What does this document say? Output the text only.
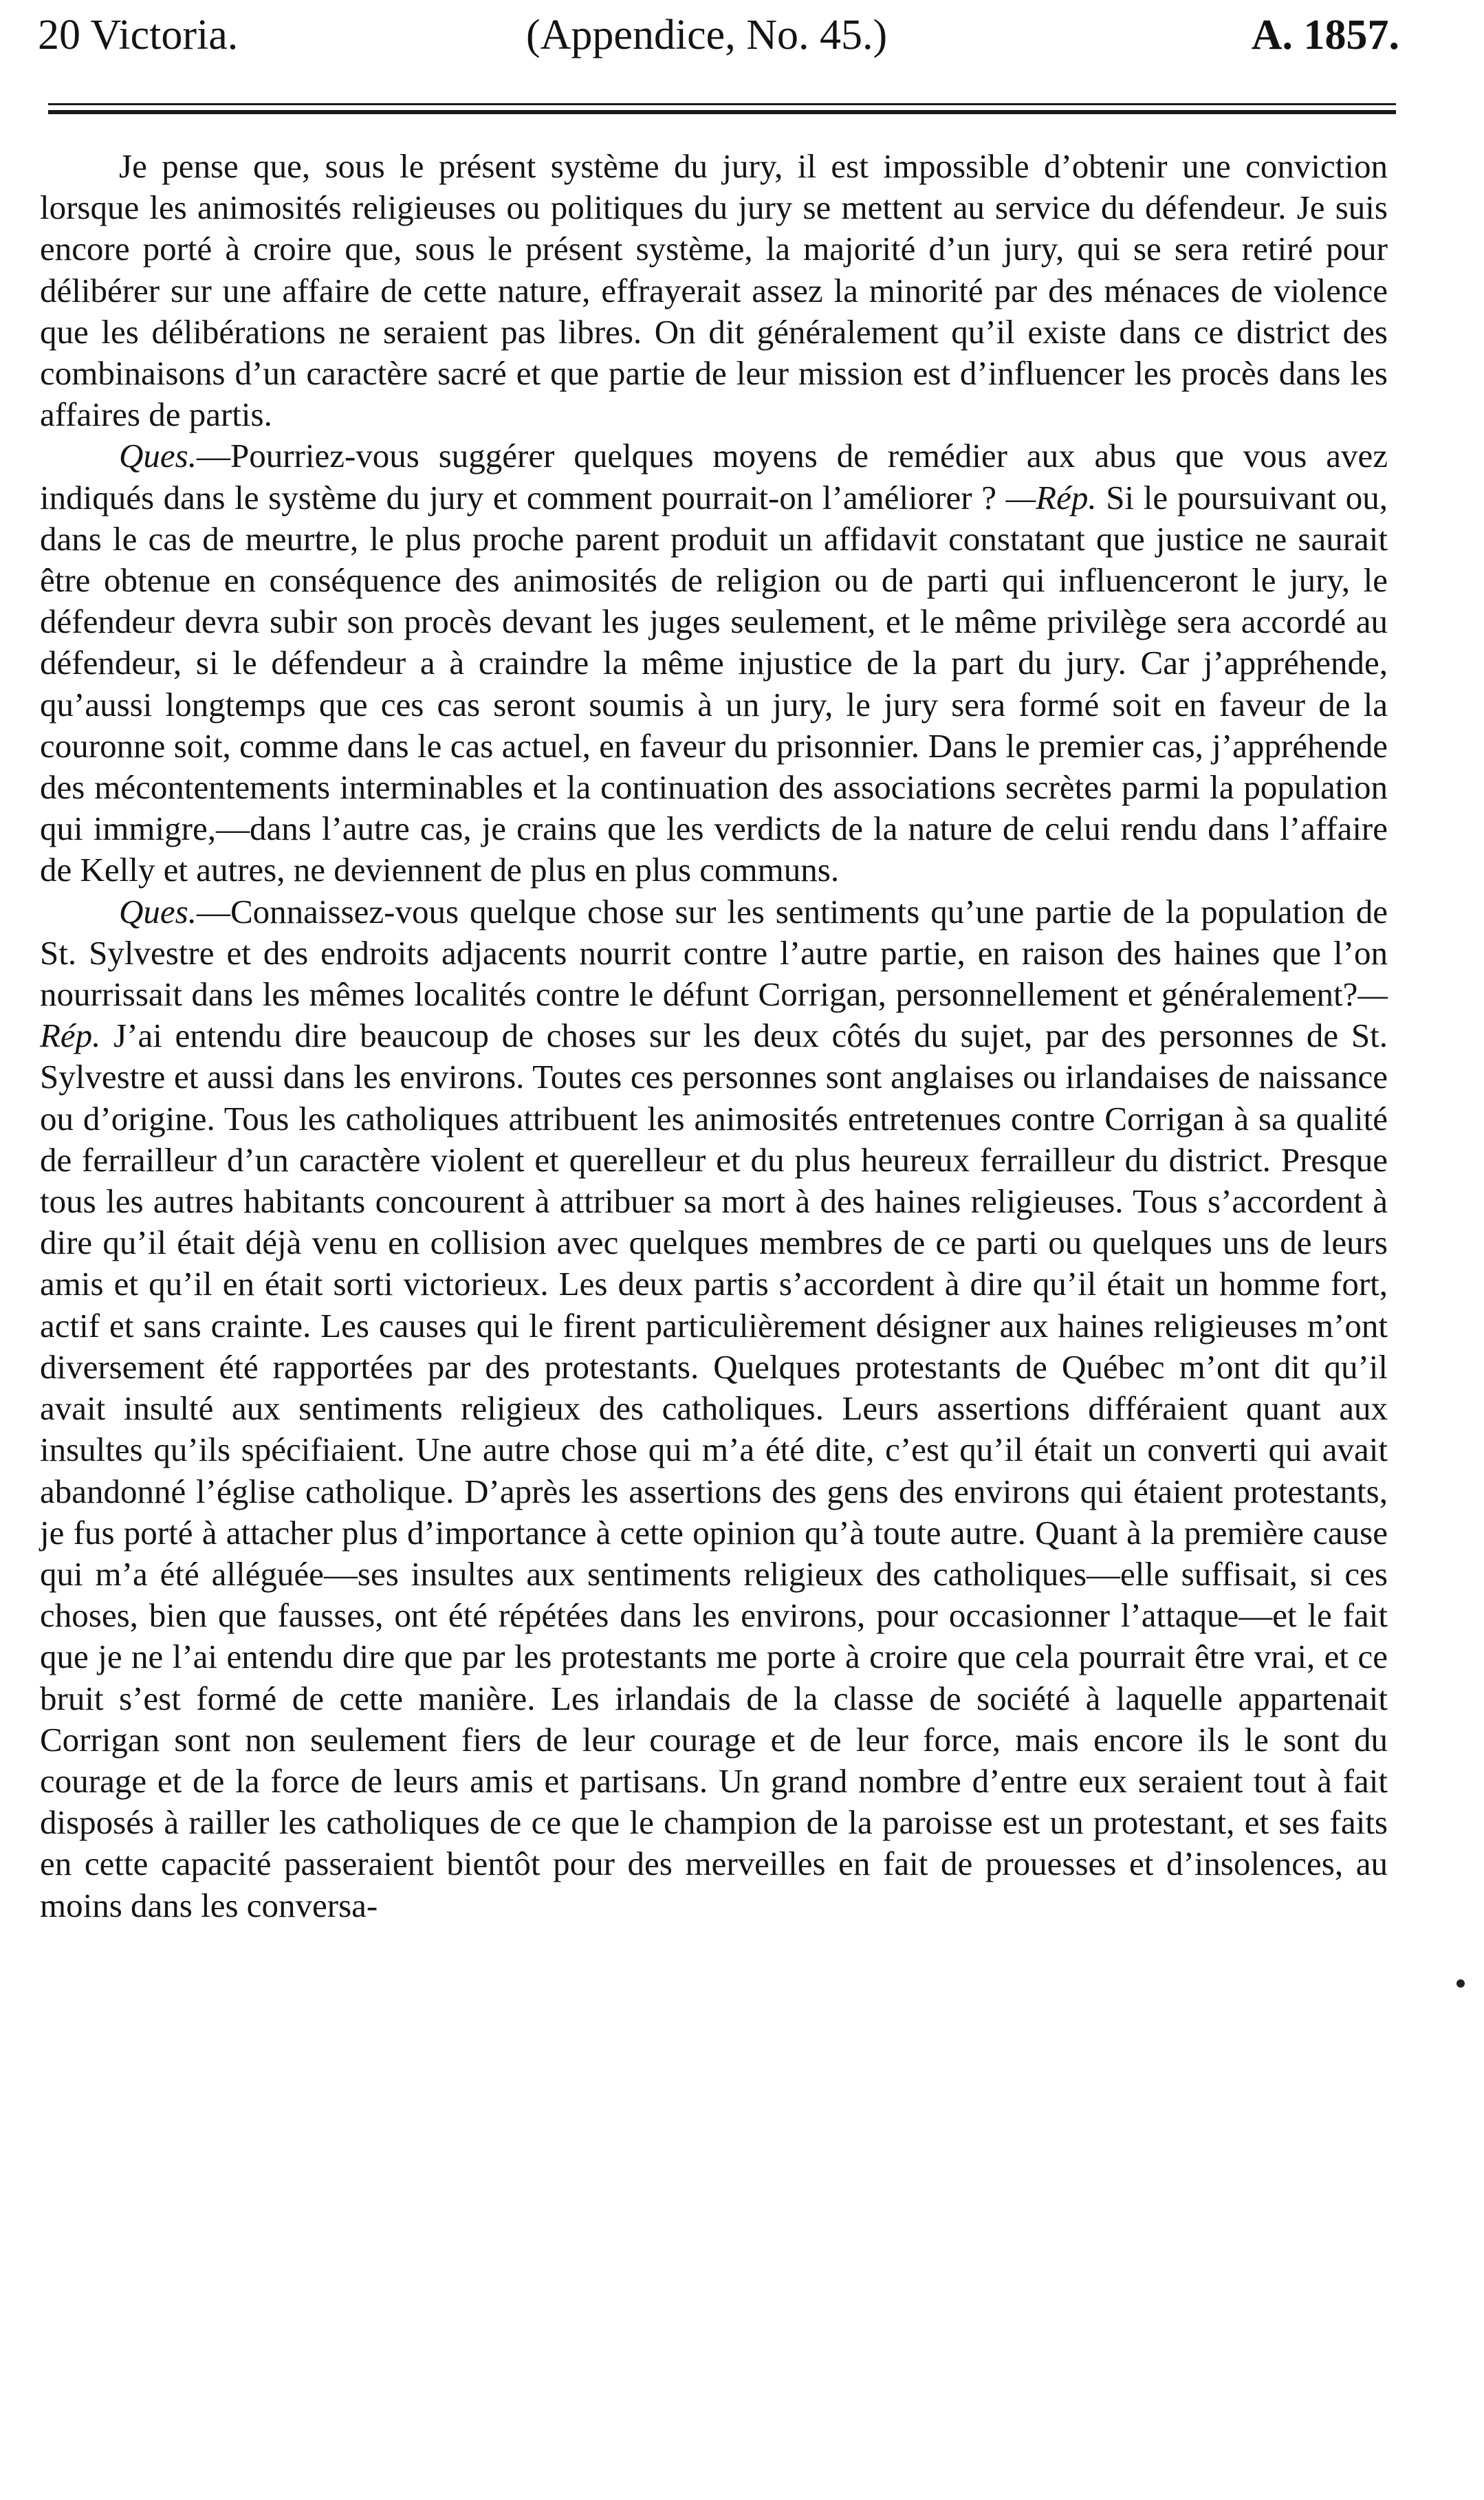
20 Victoria.	(Appendice, No. 45.)	A. 1857.

Je pense que, sous le présent système du jury, il est impossible d’obtenir une conviction lorsque les animosités religieuses ou politiques du jury se mettent au service du défendeur. Je suis encore porté à croire que, sous le présent système, la majorité d’un jury, qui se sera retiré pour délibérer sur une affaire de cette nature, effrayerait assez la minorité par des ménaces de violence que les délibérations ne seraient pas libres. On dit généralement qu’il existe dans ce district des combinaisons d’un caractère sacré et que partie de leur mission est d’influencer les procès dans les affaires de partis.

Ques.—Pourriez-vous suggérer quelques moyens de remédier aux abus que vous avez indiqués dans le système du jury et comment pourrait-on l’améliorer ? —Rép. Si le poursuivant ou, dans le cas de meurtre, le plus proche parent produit un affidavit constatant que justice ne saurait être obtenue en conséquence des animosités de religion ou de parti qui influenceront le jury, le défendeur devra subir son procès devant les juges seulement, et le même privilège sera accordé au défendeur, si le défendeur a à craindre la même injustice de la part du jury. Car j’appréhende, qu’aussi longtemps que ces cas seront soumis à un jury, le jury sera formé soit en faveur de la couronne soit, comme dans le cas actuel, en faveur du prisonnier. Dans le premier cas, j’appréhende des mécontentements interminables et la continuation des associations secrètes parmi la population qui immigre,—dans l’autre cas, je crains que les verdicts de la nature de celui rendu dans l’affaire de Kelly et autres, ne deviennent de plus en plus communs.

Ques.—Connaissez-vous quelque chose sur les sentiments qu’une partie de la population de St. Sylvestre et des endroits adjacents nourrit contre l’autre partie, en raison des haines que l’on nourrissait dans les mêmes localités contre le défunt Corrigan, personnellement et généralement?—Rép. J’ai entendu dire beaucoup de choses sur les deux côtés du sujet, par des personnes de St. Sylvestre et aussi dans les environs. Toutes ces personnes sont anglaises ou irlandaises de naissance ou d’origine. Tous les catholiques attribuent les animosités entretenues contre Corrigan à sa qualité de ferrailleur d’un caractère violent et querelleur et du plus heureux ferrailleur du district. Presque tous les autres habitants concourent à attribuer sa mort à des haines religieuses. Tous s’accordent à dire qu’il était déjà venu en collision avec quelques membres de ce parti ou quelques uns de leurs amis et qu’il en était sorti victorieux. Les deux partis s’accordent à dire qu’il était un homme fort, actif et sans crainte. Les causes qui le firent particulièrement désigner aux haines religieuses m’ont diversement été rapportées par des protestants. Quelques protestants de Québec m’ont dit qu’il avait insulté aux sentiments religieux des catholiques. Leurs assertions différaient quant aux insultes qu’ils spécifiaient. Une autre chose qui m’a été dite, c’est qu’il était un converti qui avait abandonné l’église catholique. D’après les assertions des gens des environs qui étaient protestants, je fus porté à attacher plus d’importance à cette opinion qu’à toute autre. Quant à la première cause qui m’a été alléguée—ses insultes aux sentiments religieux des catholiques—elle suffisait, si ces choses, bien que fausses, ont été répétées dans les environs, pour occasionner l’attaque—et le fait que je ne l’ai entendu dire que par les protestants me porte à croire que cela pourrait être vrai, et ce bruit s’est formé de cette manière. Les irlandais de la classe de société à laquelle appartenait Corrigan sont non seulement fiers de leur courage et de leur force, mais encore ils le sont du courage et de la force de leurs amis et partisans. Un grand nombre d’entre eux seraient tout à fait disposés à railler les catholiques de ce que le champion de la paroisse est un protestant, et ses faits en cette capacité passeraient bientôt pour des merveilles en fait de prouesses et d’insolences, au moins dans les conversa-
